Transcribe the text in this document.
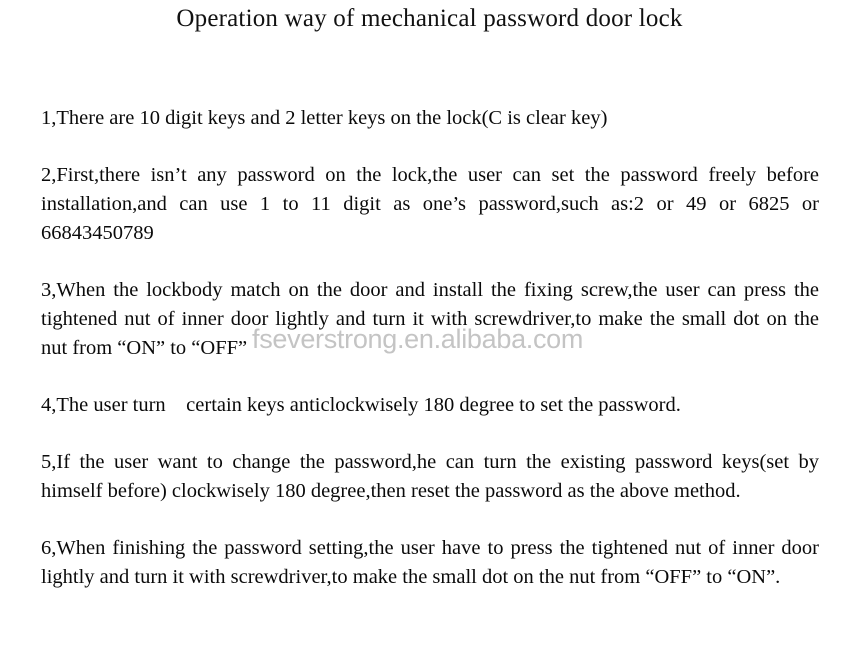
Operation way of mechanical password door lock

1,There are 10 digit keys and 2 letter keys on the lock(C is clear key)

2,First,there isn’t any password on the lock,the user can set the password freely before installation,and can use 1 to 11 digit as one’s password,such as:2 or 49 or 6825 or 66843450789

3,When the lockbody match on the door and install the fixing screw,the user can press the tightened nut of inner door lightly and turn it with screwdriver,to make the small dot on the nut from “ON” to “OFF”

4,The user turn    certain keys anticlockwisely 180 degree to set the password.

5,If the user want to change the password,he can turn the existing password keys(set by himself before) clockwisely 180 degree,then reset the password as the above method.

6,When finishing the password setting,the user have to press the tightened nut of inner door lightly and turn it with screwdriver,to make the small dot on the nut from “OFF” to “ON”.

fseverstrong.en.alibaba.com
